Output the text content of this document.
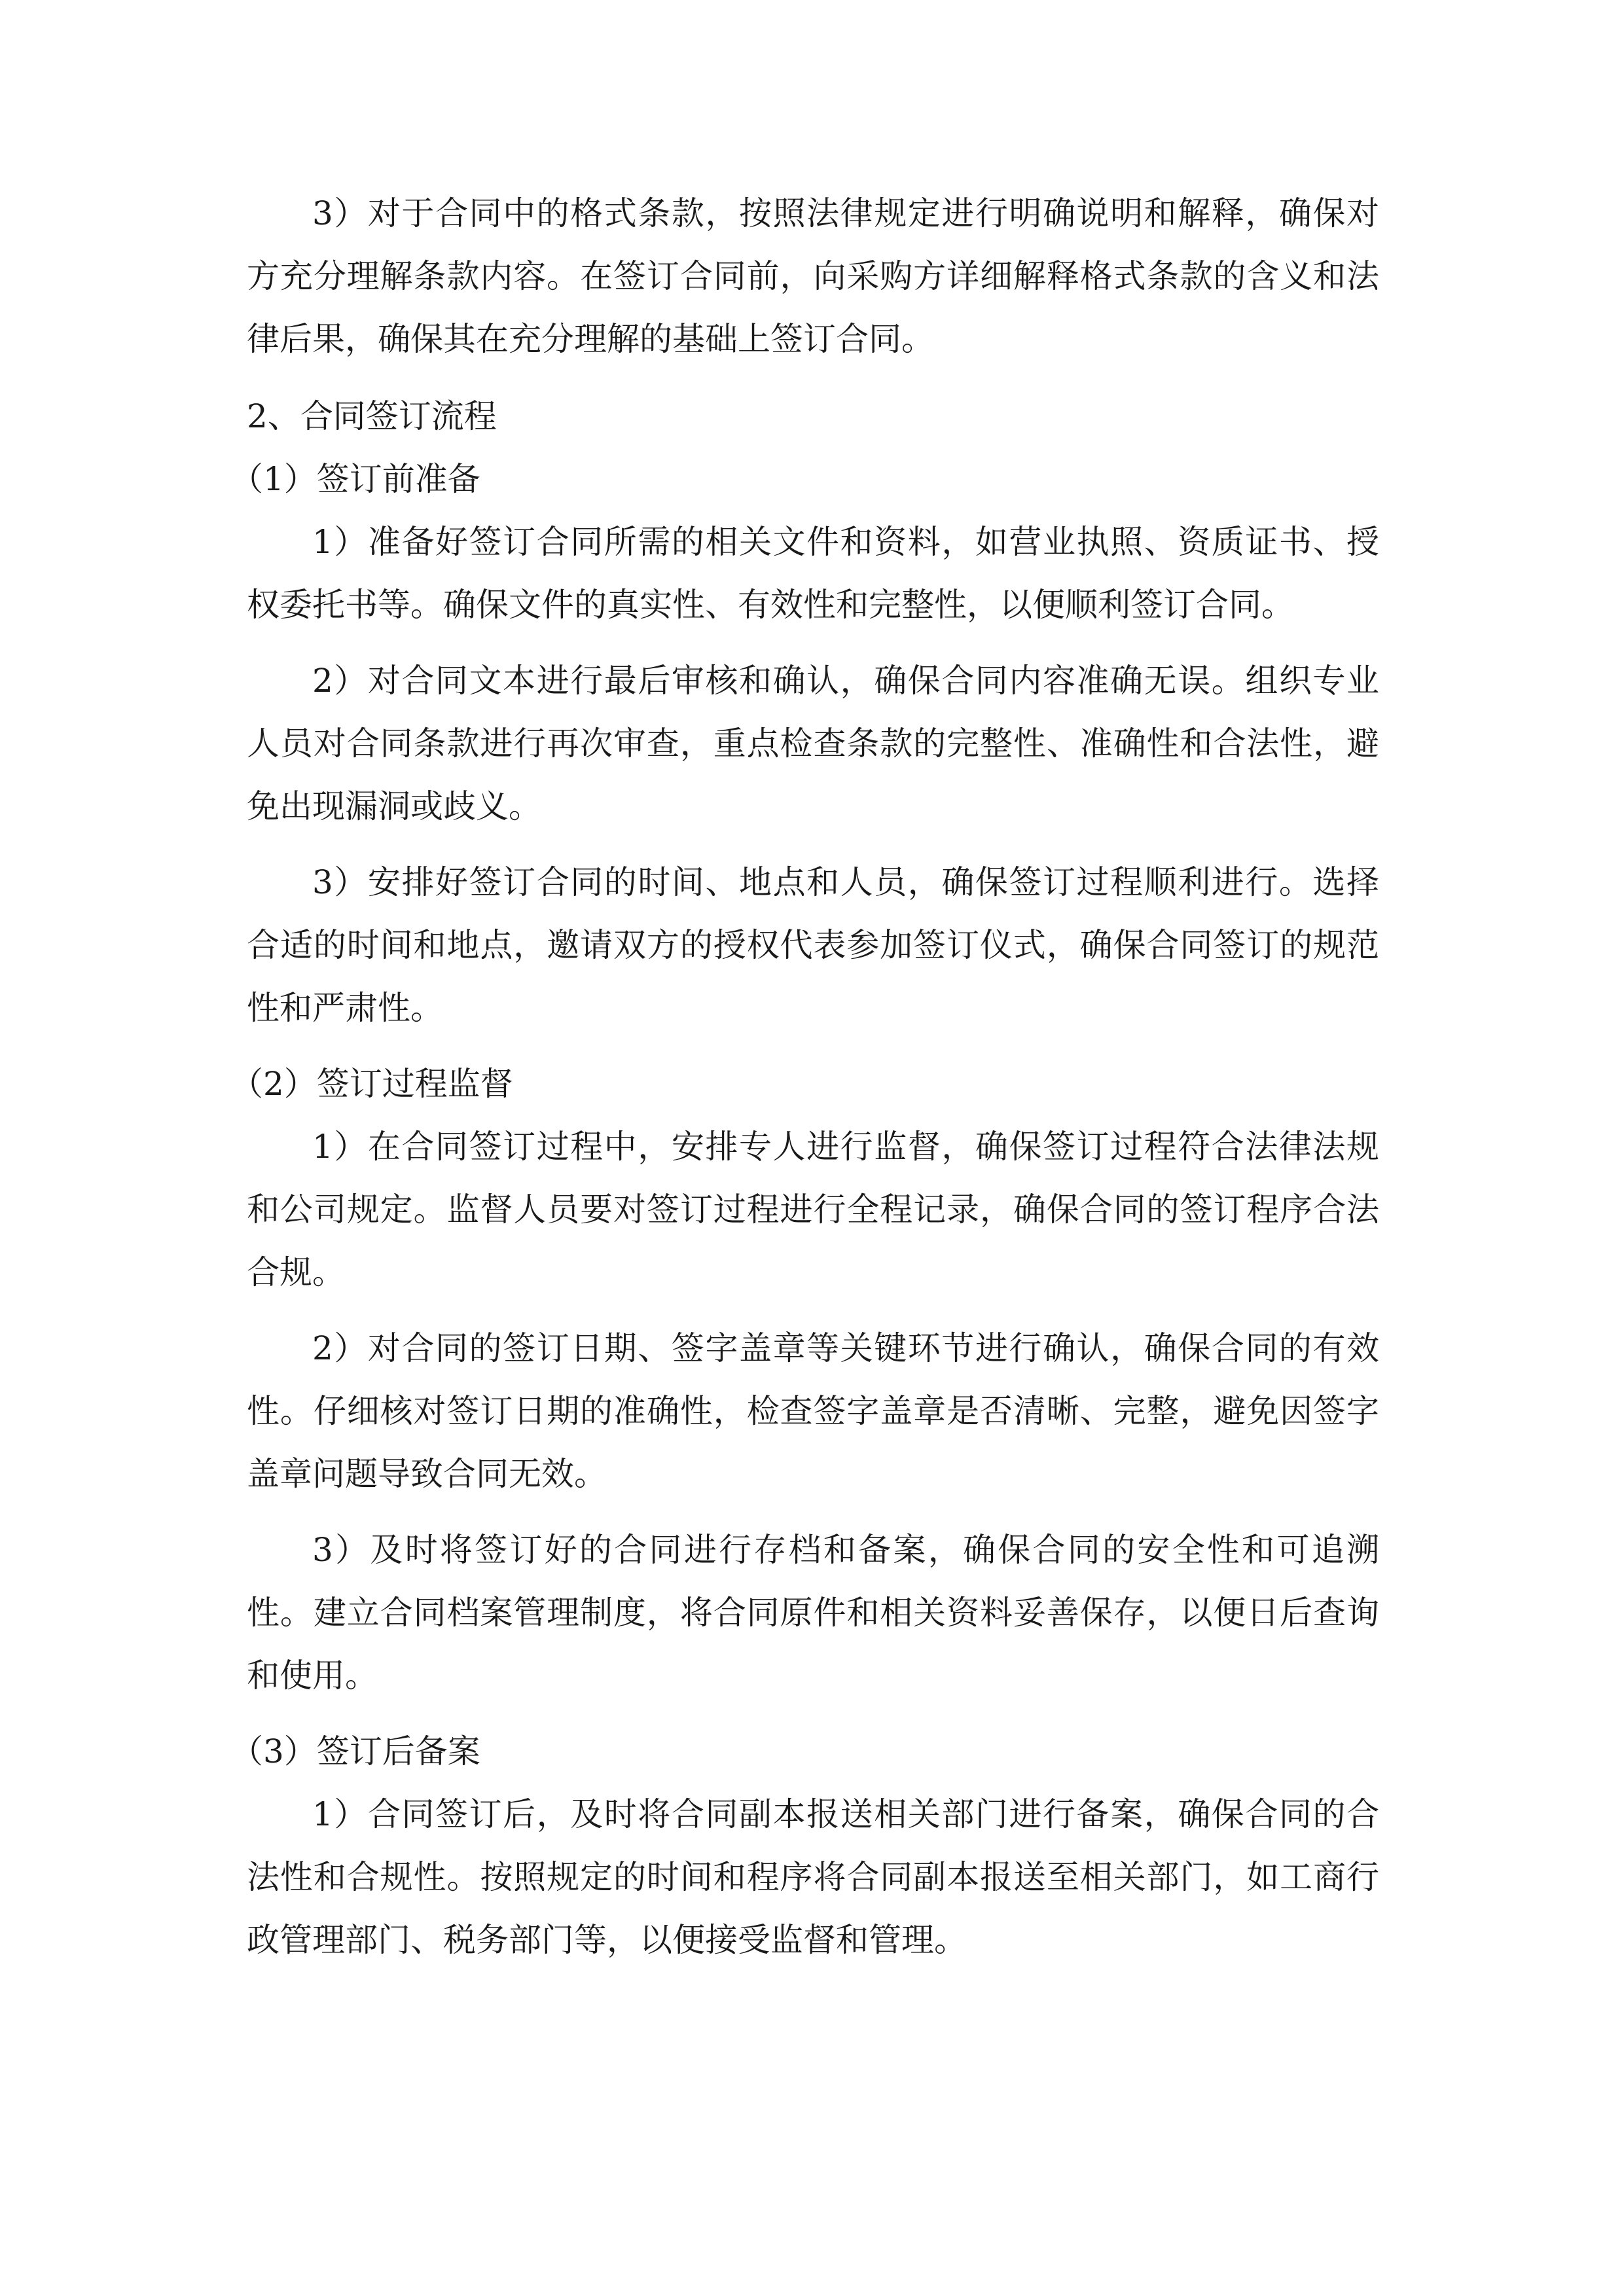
3）对于合同中的格式条款，按照法律规定进行明确说明和解释，确保对方充分理解条款内容。在签订合同前，向采购方详细解释格式条款的含义和法律后果，确保其在充分理解的基础上签订合同。

2、合同签订流程
（1）签订前准备

1）准备好签订合同所需的相关文件和资料，如营业执照、资质证书、授权委托书等。确保文件的真实性、有效性和完整性，以便顺利签订合同。

2）对合同文本进行最后审核和确认，确保合同内容准确无误。组织专业人员对合同条款进行再次审查，重点检查条款的完整性、准确性和合法性，避免出现漏洞或歧义。

3）安排好签订合同的时间、地点和人员，确保签订过程顺利进行。选择合适的时间和地点，邀请双方的授权代表参加签订仪式，确保合同签订的规范性和严肃性。

（2）签订过程监督

1）在合同签订过程中，安排专人进行监督，确保签订过程符合法律法规和公司规定。监督人员要对签订过程进行全程记录，确保合同的签订程序合法合规。

2）对合同的签订日期、签字盖章等关键环节进行确认，确保合同的有效性。仔细核对签订日期的准确性，检查签字盖章是否清晰、完整，避免因签字盖章问题导致合同无效。

3）及时将签订好的合同进行存档和备案，确保合同的安全性和可追溯性。建立合同档案管理制度，将合同原件和相关资料妥善保存，以便日后查询和使用。

（3）签订后备案

1）合同签订后，及时将合同副本报送相关部门进行备案，确保合同的合法性和合规性。按照规定的时间和程序将合同副本报送至相关部门，如工商行政管理部门、税务部门等，以便接受监督和管理。
